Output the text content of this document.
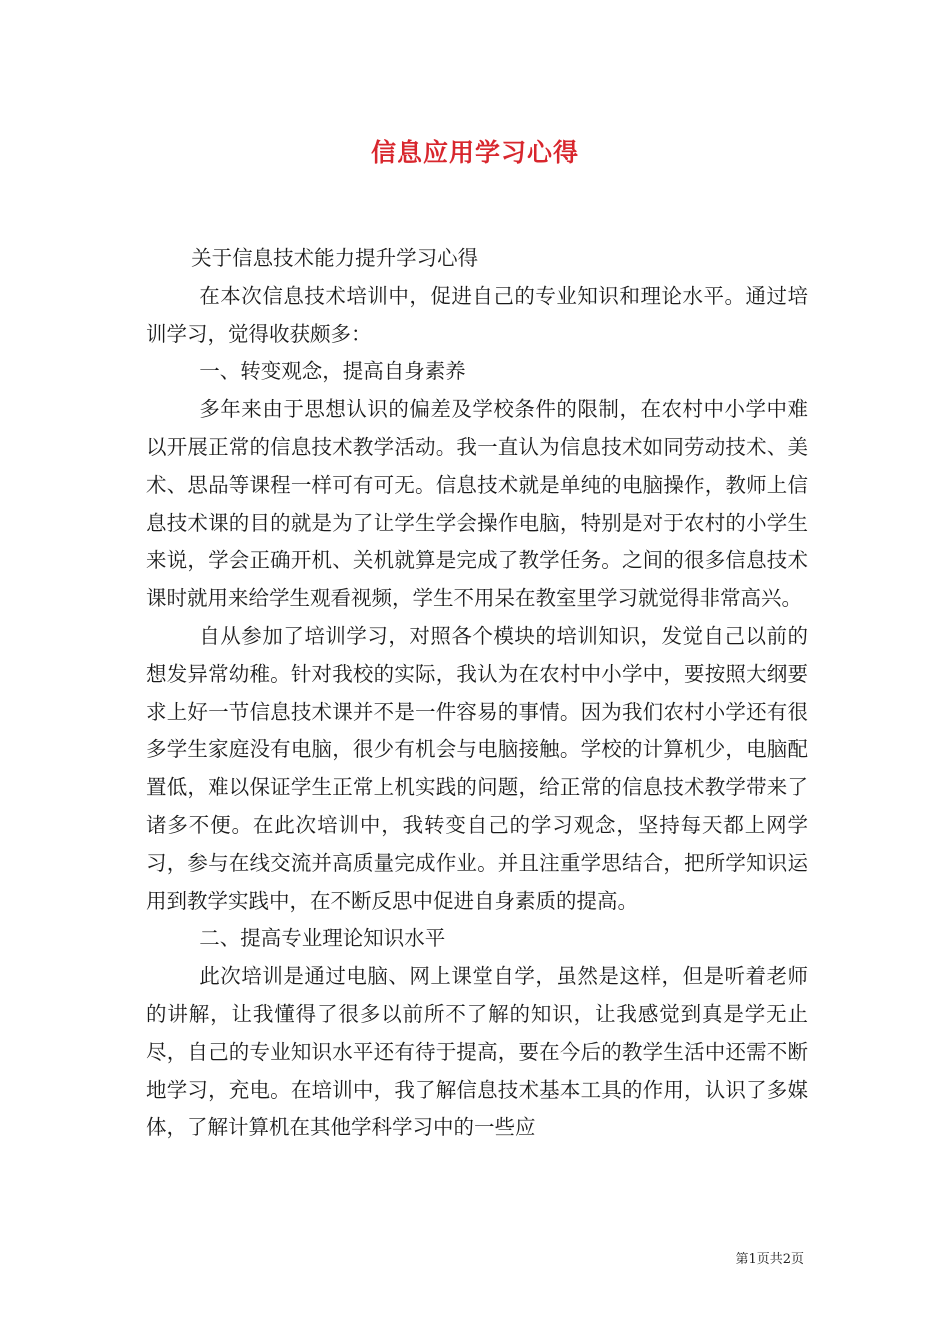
信息应用学习心得

关于信息技术能力提升学习心得

在本次信息技术培训中，促进自己的专业知识和理论水平。通过培训学习，觉得收获颇多：

一、转变观念，提高自身素养

多年来由于思想认识的偏差及学校条件的限制，在农村中小学中难以开展正常的信息技术教学活动。我一直认为信息技术如同劳动技术、美术、思品等课程一样可有可无。信息技术就是单纯的电脑操作，教师上信息技术课的目的就是为了让学生学会操作电脑，特别是对于农村的小学生来说，学会正确开机、关机就算是完成了教学任务。之间的很多信息技术课时就用来给学生观看视频，学生不用呆在教室里学习就觉得非常高兴。

自从参加了培训学习，对照各个模块的培训知识，发觉自己以前的想发异常幼稚。针对我校的实际，我认为在农村中小学中，要按照大纲要求上好一节信息技术课并不是一件容易的事情。因为我们农村小学还有很多学生家庭没有电脑，很少有机会与电脑接触。学校的计算机少，电脑配置低，难以保证学生正常上机实践的问题，给正常的信息技术教学带来了诸多不便。在此次培训中，我转变自己的学习观念，坚持每天都上网学习，参与在线交流并高质量完成作业。并且注重学思结合，把所学知识运用到教学实践中，在不断反思中促进自身素质的提高。

二、提高专业理论知识水平

此次培训是通过电脑、网上课堂自学，虽然是这样，但是听着老师的讲解，让我懂得了很多以前所不了解的知识，让我感觉到真是学无止尽，自己的专业知识水平还有待于提高，要在今后的教学生活中还需不断地学习，充电。在培训中，我了解信息技术基本工具的作用，认识了多媒体，了解计算机在其他学科学习中的一些应

第1页共2页
